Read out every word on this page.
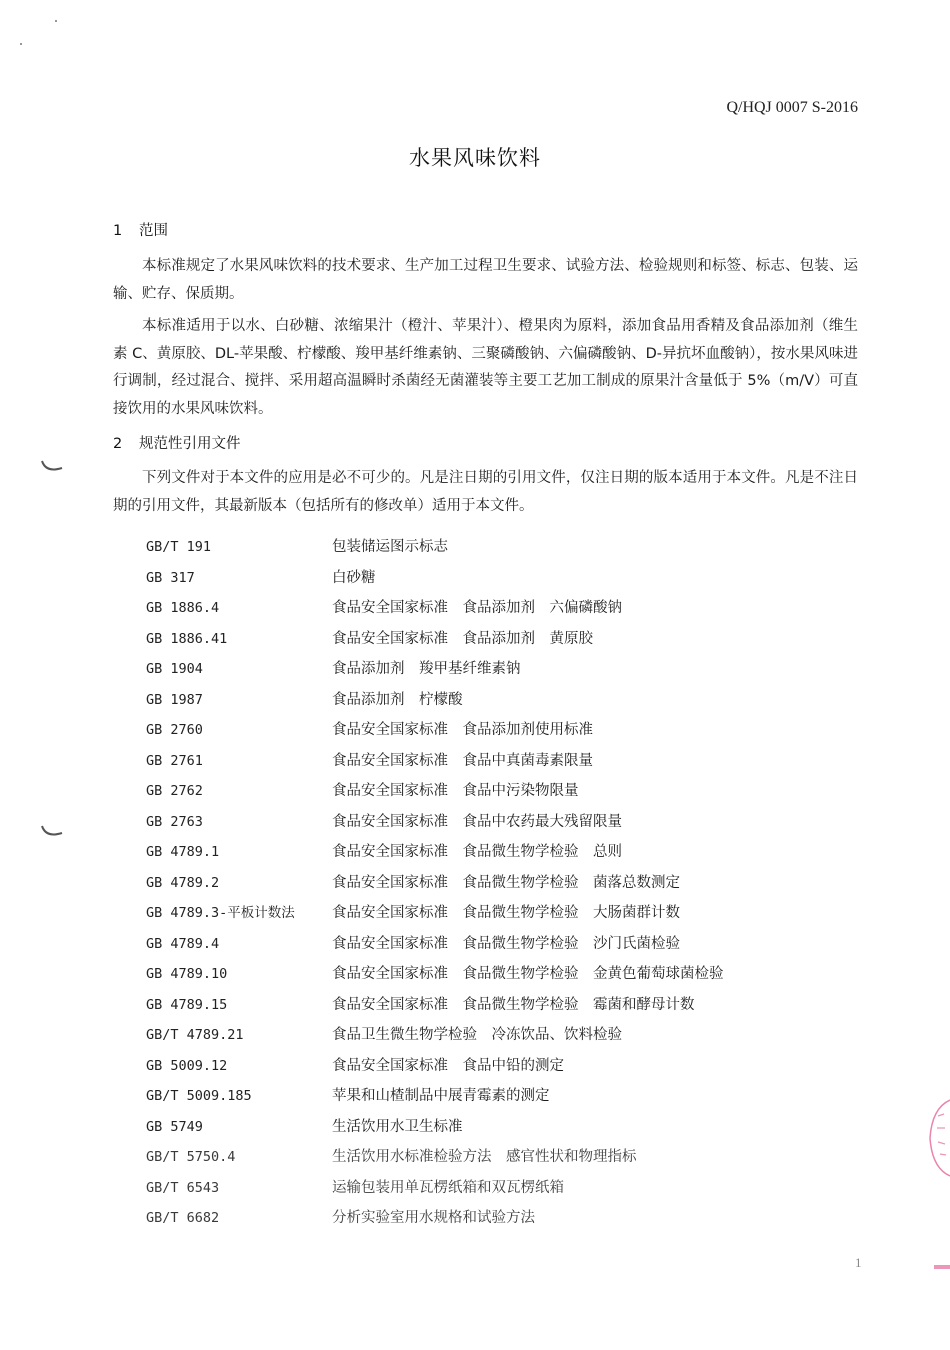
Q/HQJ 0007 S-2016
水果风味饮料
1 范围
本标准规定了水果风味饮料的技术要求、生产加工过程卫生要求、试验方法、检验规则和标签、标志、包装、运输、贮存、保质期。
本标准适用于以水、白砂糖、浓缩果汁（橙汁、苹果汁）、橙果肉为原料，添加食品用香精及食品添加剂（维生素 C、黄原胶、DL-苹果酸、柠檬酸、羧甲基纤维素钠、三聚磷酸钠、六偏磷酸钠、D-异抗坏血酸钠），按水果风味进行调制，经过混合、搅拌、采用超高温瞬时杀菌经无菌灌装等主要工艺加工制成的原果汁含量低于 5%（m/V）可直接饮用的水果风味饮料。
2 规范性引用文件
下列文件对于本文件的应用是必不可少的。凡是注日期的引用文件，仅注日期的版本适用于本文件。凡是不注日期的引用文件，其最新版本（包括所有的修改单）适用于本文件。
GB/T 191	包装储运图示标志
GB 317	白砂糖
GB 1886.4	食品安全国家标准　食品添加剂　六偏磷酸钠
GB 1886.41	食品安全国家标准　食品添加剂　黄原胶
GB 1904	食品添加剂　羧甲基纤维素钠
GB 1987	食品添加剂　柠檬酸
GB 2760	食品安全国家标准　食品添加剂使用标准
GB 2761	食品安全国家标准　食品中真菌毒素限量
GB 2762	食品安全国家标准　食品中污染物限量
GB 2763	食品安全国家标准　食品中农药最大残留限量
GB 4789.1	食品安全国家标准　食品微生物学检验　总则
GB 4789.2	食品安全国家标准　食品微生物学检验　菌落总数测定
GB 4789.3-平板计数法	食品安全国家标准　食品微生物学检验　大肠菌群计数
GB 4789.4	食品安全国家标准　食品微生物学检验　沙门氏菌检验
GB 4789.10	食品安全国家标准　食品微生物学检验　金黄色葡萄球菌检验
GB 4789.15	食品安全国家标准　食品微生物学检验　霉菌和酵母计数
GB/T 4789.21	食品卫生微生物学检验　冷冻饮品、饮料检验
GB 5009.12	食品安全国家标准　食品中铅的测定
GB/T 5009.185	苹果和山楂制品中展青霉素的测定
GB 5749	生活饮用水卫生标准
GB/T 5750.4	生活饮用水标准检验方法　感官性状和物理指标
GB/T 6543	运输包装用单瓦楞纸箱和双瓦楞纸箱
GB/T 6682	分析实验室用水规格和试验方法
1
